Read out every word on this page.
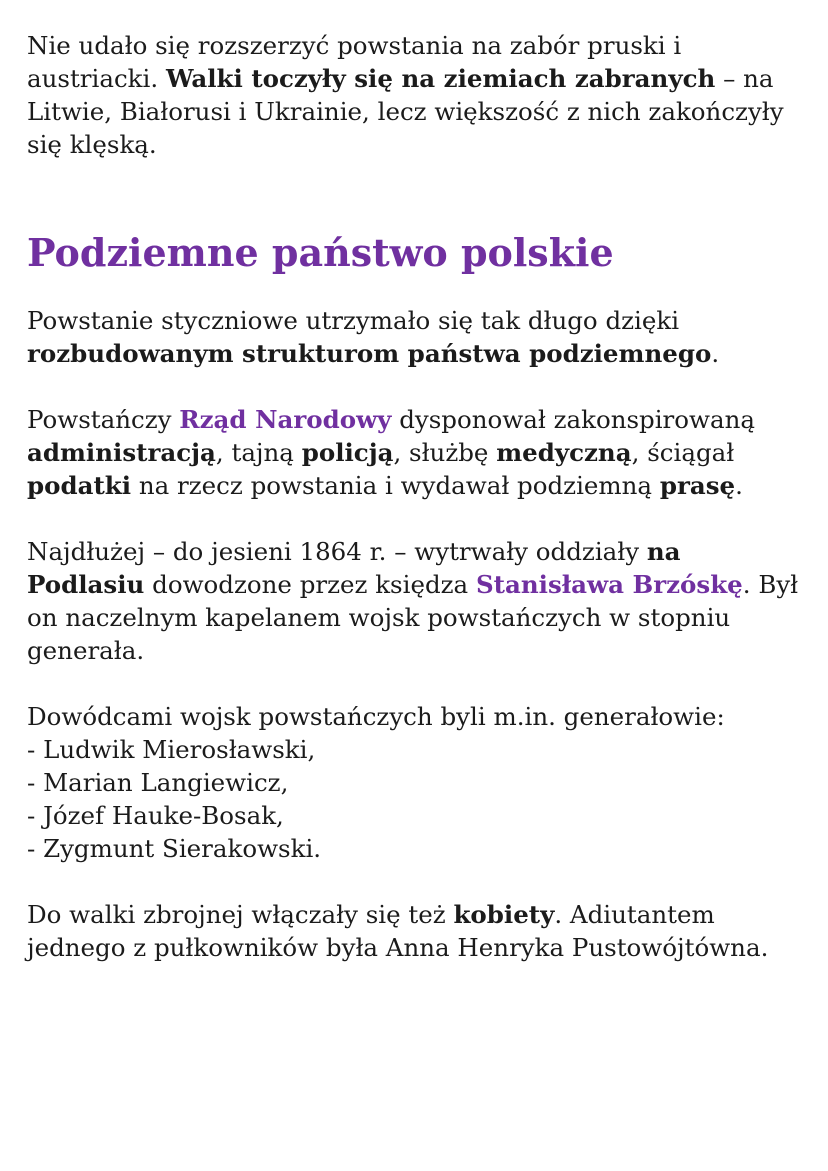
Nie udało się rozszerzyć powstania na zabór pruski i austriacki. Walki toczyły się na ziemiach zabranych – na Litwie, Białorusi i Ukrainie, lecz większość z nich zakończyły się klęską.

Podziemne państwo polskie

Powstanie styczniowe utrzymało się tak długo dzięki rozbudowanym strukturom państwa podziemnego.

Powstańczy Rząd Narodowy dysponował zakonspirowaną administracją, tajną policją, służbę medyczną, ściągał podatki na rzecz powstania i wydawał podziemną prasę.

Najdłużej – do jesieni 1864 r. – wytrwały oddziały na Podlasiu dowodzone przez księdza Stanisława Brzóskę. Był on naczelnym kapelanem wojsk powstańczych w stopniu generała.

Dowódcami wojsk powstańczych byli m.in. generałowie:

- Ludwik Mierosławski,
- Marian Langiewicz,
- Józef Hauke-Bosak,
- Zygmunt Sierakowski.

Do walki zbrojnej włączały się też kobiety. Adiutantem jednego z pułkowników była Anna Henryka Pustowójtówna.
